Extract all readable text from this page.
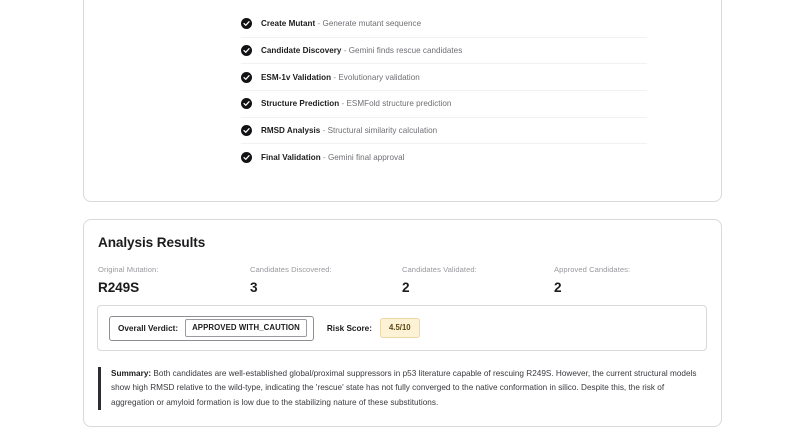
Create Mutant - Generate mutant sequence
Candidate Discovery - Gemini finds rescue candidates
ESM-1v Validation - Evolutionary validation
Structure Prediction - ESMFold structure prediction
RMSD Analysis - Structural similarity calculation
Final Validation - Gemini final approval
Analysis Results
Original Mutation:
R249S
Candidates Discovered:
3
Candidates Validated:
2
Approved Candidates:
2
Overall Verdict:	APPROVED WITH_CAUTION	Risk Score:	4.5/10
Summary: Both candidates are well-established global/proximal suppressors in p53 literature capable of rescuing R249S. However, the current structural models show high RMSD relative to the wild-type, indicating the 'rescue' state has not fully converged to the native conformation in silico. Despite this, the risk of aggregation or amyloid formation is low due to the stabilizing nature of these substitutions.
